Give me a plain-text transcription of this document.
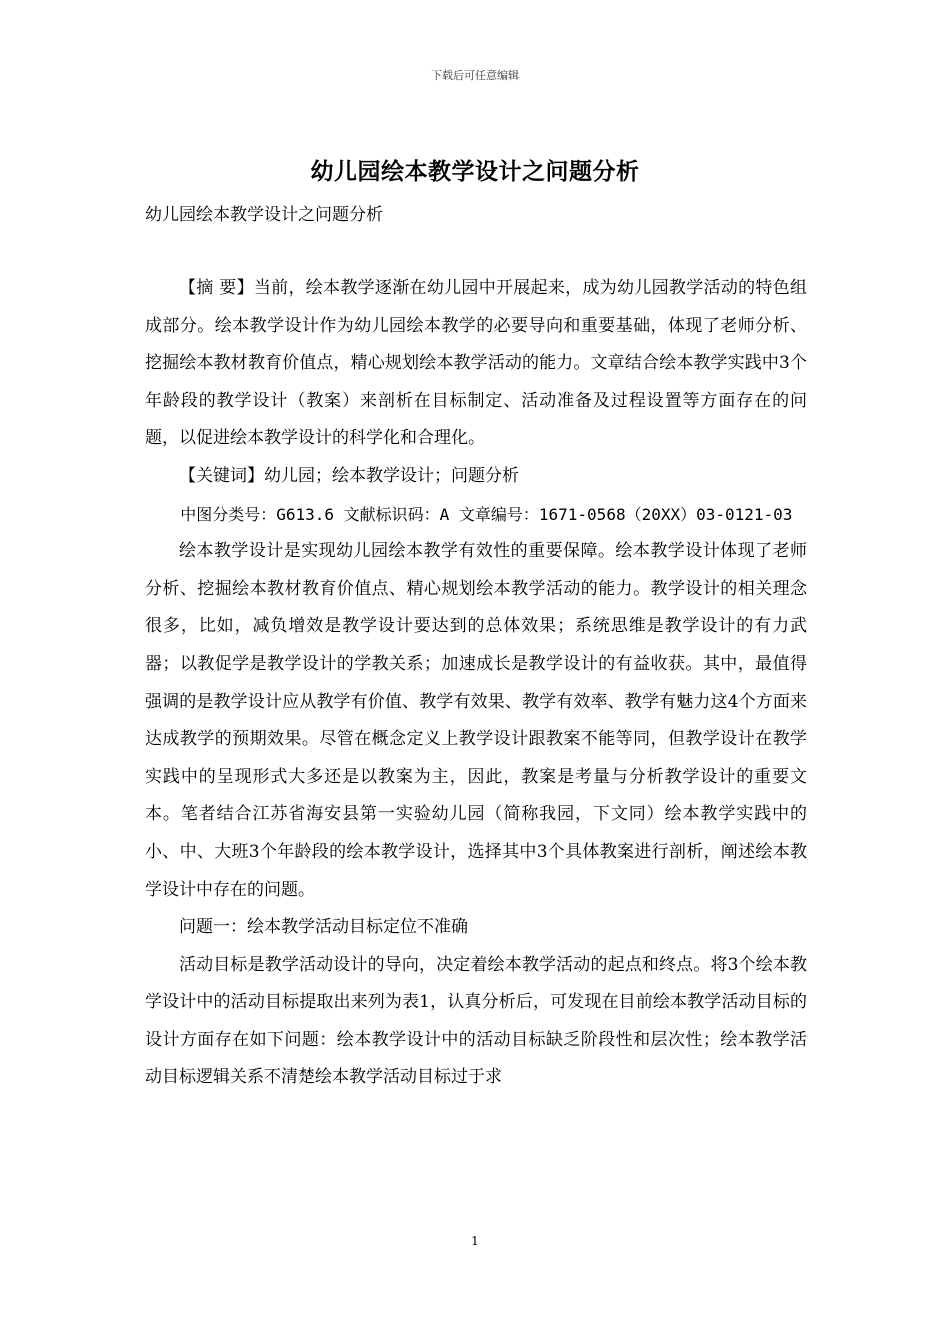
下载后可任意编辑
幼儿园绘本教学设计之问题分析
幼儿园绘本教学设计之问题分析

【摘 要】当前，绘本教学逐渐在幼儿园中开展起来，成为幼儿园教学活动的特色组成部分。绘本教学设计作为幼儿园绘本教学的必要导向和重要基础，体现了老师分析、挖掘绘本教材教育价值点，精心规划绘本教学活动的能力。文章结合绘本教学实践中3个年龄段的教学设计（教案）来剖析在目标制定、活动准备及过程设置等方面存在的问题，以促进绘本教学设计的科学化和合理化。

【关键词】幼儿园；绘本教学设计；问题分析

中图分类号：G613.6 文献标识码：A 文章编号：1671-0568（20XX）03-0121-03

绘本教学设计是实现幼儿园绘本教学有效性的重要保障。绘本教学设计体现了老师分析、挖掘绘本教材教育价值点、精心规划绘本教学活动的能力。教学设计的相关理念很多，比如，减负增效是教学设计要达到的总体效果；系统思维是教学设计的有力武器；以教促学是教学设计的学教关系；加速成长是教学设计的有益收获。其中，最值得强调的是教学设计应从教学有价值、教学有效果、教学有效率、教学有魅力这4个方面来达成教学的预期效果。尽管在概念定义上教学设计跟教案不能等同，但教学设计在教学实践中的呈现形式大多还是以教案为主，因此，教案是考量与分析教学设计的重要文本。笔者结合江苏省海安县第一实验幼儿园（简称我园，下文同）绘本教学实践中的小、中、大班3个年龄段的绘本教学设计，选择其中3个具体教案进行剖析，阐述绘本教学设计中存在的问题。

问题一：绘本教学活动目标定位不准确

活动目标是教学活动设计的导向，决定着绘本教学活动的起点和终点。将3个绘本教学设计中的活动目标提取出来列为表1，认真分析后，可发现在目前绘本教学活动目标的设计方面存在如下问题：绘本教学设计中的活动目标缺乏阶段性和层次性；绘本教学活动目标逻辑关系不清楚绘本教学活动目标过于求

1
